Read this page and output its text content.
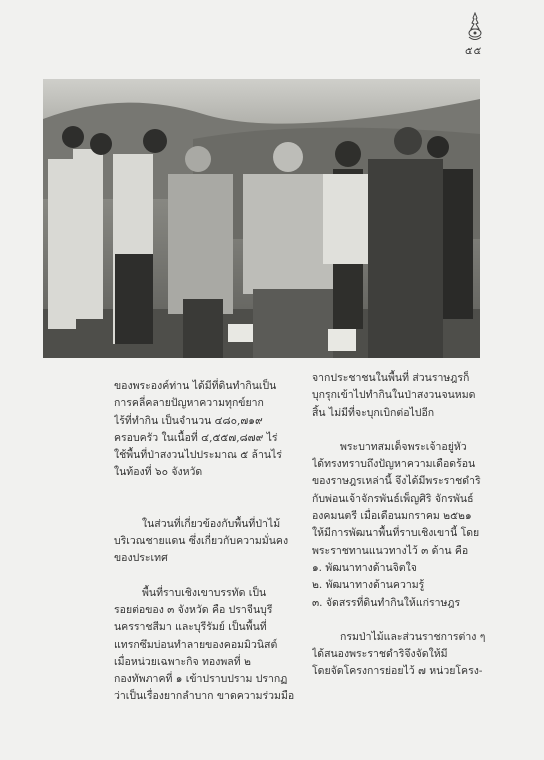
๕๕

ของพระองค์ท่าน ได้มีที่ดินทำกินเป็น

การคลี่คลายปัญหาความทุกข์ยาก

ไร้ที่ทำกิน เป็นจำนวน ๔๘๐,๗๑๙

ครอบครัว ในเนื้อที่ ๔,๕๕๗,๘๗๙ ไร่

ใช้พื้นที่ป่าสงวนไปประมาณ ๕ ล้านไร่

ในท้องที่ ๖๐ จังหวัด

ในส่วนที่เกี่ยวข้องกับพื้นที่ป่าไม้

บริเวณชายแดน ซึ่งเกี่ยวกับความมั่นคง

ของประเทศ

พื้นที่ราบเชิงเขาบรรทัด เป็น

รอยต่อของ ๓ จังหวัด คือ ปราจีนบุรี

นครราชสีมา และบุรีรัมย์ เป็นพื้นที่

แทรกซึมบ่อนทำลายของคอมมิวนิสต์

เมื่อหน่วยเฉพาะกิจ ทองพลที่ ๒

กองทัพภาคที่ ๑ เข้าปราบปราม ปรากฏ

ว่าเป็นเรื่องยากลำบาก ขาดความร่วมมือ

จากประชาชนในพื้นที่ ส่วนราษฎรก็

บุกรุกเข้าไปทำกินในป่าสงวนจนหมด

สิ้น ไม่มีที่จะบุกเบิกต่อไปอีก

พระบาทสมเด็จพระเจ้าอยู่หัว

ได้ทรงทราบถึงปัญหาความเดือดร้อน

ของราษฎรเหล่านี้ จึงได้มีพระราชดำริ

กับพ่อนเจ้าจักรพันธ์เพ็ญศิริ จักรพันธ์

องคมนตรี เมื่อเดือนมกราคม ๒๕๒๑

ให้มีการพัฒนาพื้นที่ราบเชิงเขานี้ โดย

พระราชทานแนวทางไว้ ๓ ด้าน คือ

๑. พัฒนาทางด้านจิตใจ

๒. พัฒนาทางด้านความรู้

๓. จัดสรรที่ดินทำกินให้แก่ราษฎร

กรมป่าไม้และส่วนราชการต่าง ๆ

ได้สนองพระราชดำริจึงจัดให้มี

โดยจัดโครงการย่อยไว้ ๗ หน่วยโครง-
